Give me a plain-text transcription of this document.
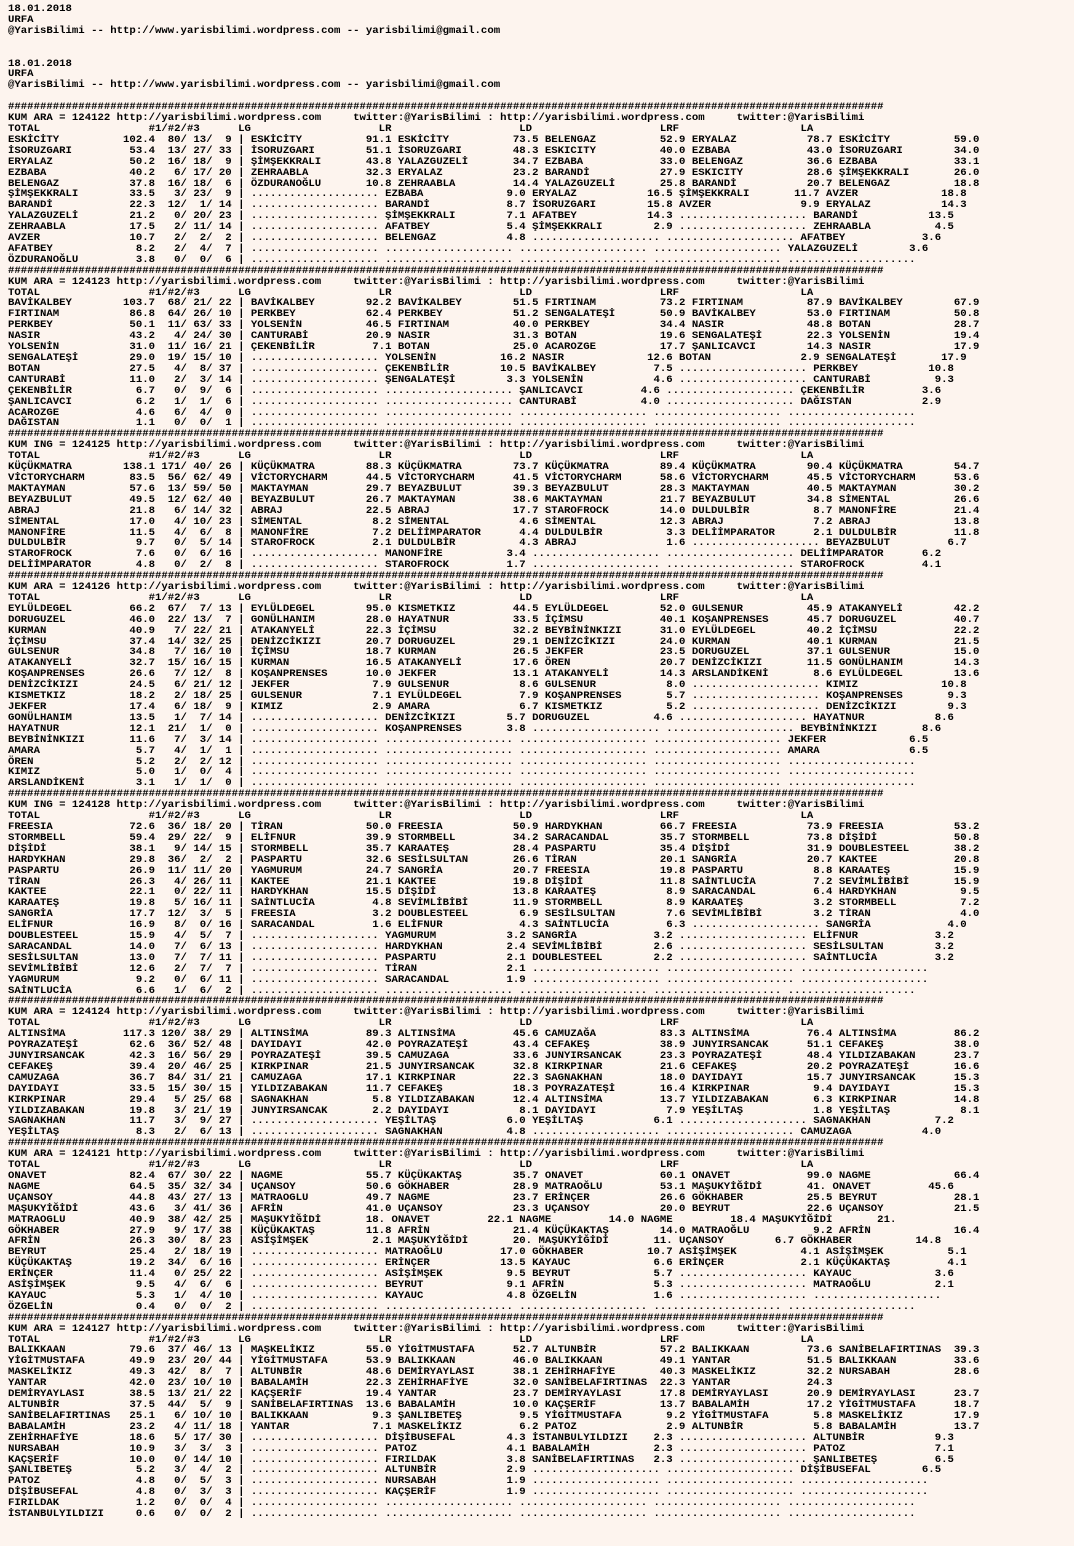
18.01.2018
URFA
@YarisBilimi -- http://www.yarisbilimi.wordpress.com -- yarisbilimi@gmail.com

18.01.2018
URFA
@YarisBilimi -- http://www.yarisbilimi.wordpress.com -- yarisbilimi@gmail.com

#########################################################################################################################################
KUM ARA = 124122 http://yarisbilimi.wordpress.com     twitter:@YarisBilimi : http://yarisbilimi.wordpress.com     twitter:@YarisBilimi
TOTAL                 #1/#2/#3      LG                    LR                    LD                    LRF                   LA
ESKİCİTY          102.4  80/ 13/  9 | ESKİCİTY          91.1 ESKİCİTY          73.5 BELENGAZ          52.9 ERYALAZ           78.7 ESKİCİTY          59.0
İSORUZGARI         53.4  13/ 27/ 33 | İSORUZGARI        51.1 İSORUZGARI        48.3 ESKICITY          40.0 EZBABA            43.0 İSORUZGARI        34.0
ERYALAZ            50.2  16/ 18/  9 | ŞİMŞEKKRALI       43.8 YALAZGUZELİ       34.7 EZBABA            33.0 BELENGAZ          36.6 EZBABA            33.1
EZBABA             40.2   6/ 17/ 20 | ZEHRAABLA         32.3 ERYALAZ           23.2 BARANDİ           27.9 ESKICITY          28.6 ŞİMŞEKKRALI       26.0
BELENGAZ           37.8  16/ 18/  6 | ÖZDURANOĞLU       10.8 ZEHRAABLA         14.4 YALAZGUZELİ       25.8 BARANDİ           20.7 BELENGAZ          18.8
ŞİMŞEKKRALI        33.5   3/ 23/  9 | .................... EZBABA             9.0 ERYALAZ           16.5 ŞİMŞEKKRALI       11.7 AVZER             18.8
BARANDİ            22.3  12/  1/ 14 | .................... BARANDİ            8.7 İSORUZGARI        15.8 AVZER              9.9 ERYALAZ           14.3
YALAZGUZELİ        21.2   0/ 20/ 23 | .................... ŞİMŞEKKRALI        7.1 AFATBEY           14.3 .................... BARANDİ           13.5
ZEHRAABLA          17.5   2/ 11/ 14 | .................... AFATBEY            5.4 ŞİMŞEKKRALI        2.9 .................... ZEHRAABLA          4.5
AVZER              10.7   2/  2/  2 | .................... BELENGAZ           4.8 .................... .................... AFATBEY            3.6
AFATBEY             8.2   2/  4/  7 | .................... .................... .................... .................... YALAZGUZELİ        3.6
ÖZDURANOĞLU         3.8   0/  0/  6 | .................... .................... .................... .................... ....................
#########################################################################################################################################
KUM ARA = 124123 http://yarisbilimi.wordpress.com     twitter:@YarisBilimi : http://yarisbilimi.wordpress.com     twitter:@YarisBilimi
TOTAL                 #1/#2/#3      LG                    LR                    LD                    LRF                   LA
BAVİKALBEY        103.7  68/ 21/ 22 | BAVİKALBEY        92.2 BAVİKALBEY        51.5 FIRTINAM          73.2 FIRTINAM          87.9 BAVİKALBEY        67.9
FIRTINAM           86.8  64/ 26/ 10 | PERKBEY           62.4 PERKBEY           51.2 SENGALATEŞİ       50.9 BAVİKALBEY        53.0 FIRTINAM          50.8
PERKBEY            50.1  11/ 63/ 33 | YOLSENİN          46.5 FIRTINAM          40.0 PERKBEY           34.4 NASIR             48.8 BOTAN             28.7
NASIR              43.2   4/ 24/ 30 | CANTURABİ         20.9 NASIR             31.3 BOTAN             19.6 SENGALATEŞİ       22.3 YOLSENİN          19.4
YOLSENİN           31.0  11/ 16/ 21 | ÇEKENBİLİR         7.1 BOTAN             25.0 ACAROZGE          17.7 ŞANLICAVCI        14.3 NASIR             17.9
SENGALATEŞİ        29.0  19/ 15/ 10 | .................... YOLSENİN          16.2 NASIR             12.6 BOTAN              2.9 SENGALATEŞİ       17.9
BOTAN              27.5   4/  8/ 37 | .................... ÇEKENBİLİR        10.5 BAVİKALBEY         7.5 .................... PERKBEY           10.8
CANTURABİ          11.0   2/  3/ 14 | .................... ŞENGALATEŞİ        3.3 YOLSENİN           4.6 .................... CANTURABİ          9.3
ÇEKENBİLİR          6.7   0/  9/  6 | .................... .................... ŞANLICAVCI         4.6 .................... ÇEKENBİLİR         3.6
ŞANLICAVCI          6.2   1/  1/  6 | .................... .................... CANTURABİ          4.0 .................... DAĞISTAN           2.9
ACAROZGE            4.6   6/  4/  0 | .................... .................... .................... .................... ....................
DAĞISTAN            1.1   0/  0/  1 | .................... .................... .................... .................... ....................
#########################################################################################################################################
KUM ING = 124125 http://yarisbilimi.wordpress.com     twitter:@YarisBilimi : http://yarisbilimi.wordpress.com     twitter:@YarisBilimi
TOTAL                 #1/#2/#3      LG                    LR                    LD                    LRF                   LA
KÜÇÜKMATRA        138.1 171/ 40/ 26 | KÜÇÜKMATRA        88.3 KÜÇÜKMATRA        73.7 KÜÇÜKMATRA        89.4 KÜÇÜKMATRA        90.4 KÜÇÜKMATRA        54.7
VİCTORYCHARM       83.5  56/ 62/ 49 | VİCTORYCHARM      44.5 VİCTORYCHARM      41.5 VİCTORYCHARM      58.6 VİCTORYCHARM      45.5 VİCTORYCHARM      53.6
MAKTAYMAN          57.6  13/ 59/ 50 | MAKTAYMAN         29.7 BEYAZBULUT        39.3 BEYAZBULUT        28.3 MAKTAYMAN         40.5 MAKTAYMAN         30.2
BEYAZBULUT         49.5  12/ 62/ 40 | BEYAZBULUT        26.7 MAKTAYMAN         38.6 MAKTAYMAN         21.7 BEYAZBULUT        34.8 SİMENTAL          26.6
ABRAJ              21.8   6/ 14/ 32 | ABRAJ             22.5 ABRAJ             17.7 STAROFROCK        14.0 DULDULBİR          8.7 MANONFİRE         21.4
SİMENTAL           17.0   4/ 10/ 23 | SİMENTAL           8.2 SİMENTAL           4.6 SİMENTAL          12.3 ABRAJ              7.2 ABRAJ             13.8
MANONFİRE          11.5   4/  6/  8 | MANONFİRE          7.2 DELİİMPARATOR      4.4 DULDULBİR          3.3 DELİİMPARATOR      2.1 DULDULBİR         11.8
DULDULBİR           9.7   0/  5/ 14 | STAROFROCK         2.1 DULDULBİR          4.3 ABRAJ              1.6 .................... BEYAZBULUT         6.7
STAROFROCK          7.6   0/  6/ 16 | .................... MANONFİRE          3.4 .................... .................... DELİİMPARATOR      6.2
DELİİMPARATOR       4.8   0/  2/  8 | .................... STAROFROCK         1.7 .................... .................... STAROFROCK         4.1
#########################################################################################################################################
KUM ARA = 124126 http://yarisbilimi.wordpress.com     twitter:@YarisBilimi : http://yarisbilimi.wordpress.com     twitter:@YarisBilimi
TOTAL                 #1/#2/#3      LG                    LR                    LD                    LRF                   LA
EYLÜLDEGEL         66.2  67/  7/ 13 | EYLÜLDEGEL        95.0 KISMETKIZ         44.5 EYLÜLDEGEL        52.0 GULSENUR          45.9 ATAKANYELİ        42.2
DORUGUZEL          46.0  22/ 13/  7 | GONÜLHANIM        28.0 HAYATNUR          33.5 İÇİMSU            40.1 KOŞANPRENSES      45.7 DORUGUZEL         40.7
KURMAN             40.9   7/ 22/ 21 | ATAKANYELİ        22.3 İÇİMSU            32.2 BEYBİNİNKIZI      31.0 EYLÜLDEGEL        40.2 İÇİMSU            22.2
İÇİMSU             37.4  14/ 32/ 25 | DENİZCİKIZI       20.7 DORUGUZEL         29.1 DENİZCİKIZI       24.0 KURMAN            40.1 KURMAN            21.5
GULSENUR           34.8   7/ 16/ 10 | İÇİMSU            18.7 KURMAN            26.5 JEKFER            23.5 DORUGUZEL         37.1 GULSENUR          15.0
ATAKANYELİ         32.7  15/ 16/ 15 | KURMAN            16.5 ATAKANYELİ        17.6 ÖREN              20.7 DENİZCİKIZI       11.5 GONÜLHANIM        14.3
KOŞANPRENSES       26.6   7/ 12/  8 | KOŞANPRENSES      10.0 JEKFER            13.1 ATAKANYELİ        14.3 ARSLANDİKENİ       8.6 EYLÜLDEGEL        13.6
DENİZCİKIZI        24.5   6/ 21/ 12 | JEKFER             7.9 GULSENUR           8.6 GULSENUR           8.0 .................... KIMIZ             10.8
KISMETKIZ          18.2   2/ 18/ 25 | GULSENUR           7.1 EYLÜLDEGEL         7.9 KOŞANPRENSES       5.7 .................... KOŞANPRENSES       9.3
JEKFER             17.4   6/ 18/  9 | KIMIZ              2.9 AMARA              6.7 KISMETKIZ          5.2 .................... DENİZCİKIZI        9.3
GONÜLHANIM         13.5   1/  7/ 14 | .................... DENİZCİKIZI        5.7 DORUGUZEL          4.6 .................... HAYATNUR           8.6
HAYATNUR           12.1  21/  1/  0 | .................... KOŞANPRENSES       3.8 .................... .................... BEYBİNİNKIZI       8.6
BEYBİNİNKIZI       11.6   7/  3/ 14 | .................... .................... .................... .................... JEKFER             6.5
AMARA               5.7   4/  1/  1 | .................... .................... .................... .................... AMARA              6.5
ÖREN                5.2   2/  2/ 12 | .................... .................... .................... .................... ....................
KIMIZ               5.0   1/  0/  4 | .................... .................... .................... .................... ....................
ARSLANDİKENİ        3.1   1/  1/  0 | .................... .................... .................... .................... ....................
#########################################################################################################################################
KUM ING = 124128 http://yarisbilimi.wordpress.com     twitter:@YarisBilimi : http://yarisbilimi.wordpress.com     twitter:@YarisBilimi
TOTAL                 #1/#2/#3      LG                    LR                    LD                    LRF                   LA
FREESIA            72.6  36/ 18/ 20 | TİRAN             50.0 FREESIA           50.9 HARDYKHAN         66.7 FREESIA           73.9 FREESIA           53.2
STORMBELL          59.4  29/ 22/  9 | ELİFNUR           39.9 STORMBELL         34.2 SARACANDAL        35.7 STORMBELL         73.8 DİŞİDİ            50.8
DİŞİDİ             38.1   9/ 14/ 15 | STORMBELL         35.7 KARAATEŞ          28.4 PASPARTU          35.4 DİŞİDİ            31.9 DOUBLESTEEL       38.2
HARDYKHAN          29.8  36/  2/  2 | PASPARTU          32.6 SESİLSULTAN       26.6 TİRAN             20.1 SANGRİA           20.7 KAKTEE            20.8
PASPARTU           26.9  11/ 11/ 20 | YAGMURUM          24.7 SANGRİA           20.7 FREESIA           19.8 PASPARTU           8.8 KARAATEŞ          15.9
TİRAN              26.3   4/ 26/ 11 | KAKTEE            21.1 KAKTEE            19.8 DİŞİDİ            11.8 SAİNTLUCİA         7.2 SEVİMLİBİBİ       15.9
KAKTEE             22.1   0/ 22/ 11 | HARDYKHAN         15.5 DİŞİDİ            13.8 KARAATEŞ           8.9 SARACANDAL         6.4 HARDYKHAN          9.5
KARAATEŞ           19.8   5/ 16/ 11 | SAİNTLUCİA         4.8 SEVİMLİBİBİ       11.9 STORMBELL          8.9 KARAATEŞ           3.2 STORMBELL          7.2
SANGRİA            17.7  12/  3/  5 | FREESIA            3.2 DOUBLESTEEL        6.9 SESİLSULTAN        7.6 SEVİMLİBİBİ        3.2 TİRAN              4.0
ELİFNUR            16.9   8/  0/ 16 | SARACANDAL         1.6 ELİFNUR            4.3 SAİNTLUCİA         6.3 .................... SANGRİA            4.0
DOUBLESTEEL        15.9   4/  5/  7 | .................... YAGMURUM           3.2 SANGRİA            3.2 .................... ELİFNUR            3.2
SARACANDAL         14.0   7/  6/ 13 | .................... HARDYKHAN          2.4 SEVİMLİBİBİ        2.6 .................... SESİLSULTAN        3.2
SESİLSULTAN        13.0   7/  7/ 11 | .................... PASPARTU           2.1 DOUBLESTEEL        2.2 .................... SAİNTLUCİA         3.2
SEVİMLİBİBİ        12.6   2/  7/  7 | .................... TİRAN              2.1 .................... .................... ....................
YAGMURUM            9.2   0/  6/ 11 | .................... SARACANDAL         1.9 .................... .................... ....................
SAİNTLUCİA          6.6   1/  6/  2 | .................... .................... .................... .................... ....................
#########################################################################################################################################
KUM ARA = 124124 http://yarisbilimi.wordpress.com     twitter:@YarisBilimi : http://yarisbilimi.wordpress.com     twitter:@YarisBilimi
TOTAL                 #1/#2/#3      LG                    LR                    LD                    LRF                   LA
ALTINSİMA         117.3 120/ 38/ 29 | ALTINSİMA         89.3 ALTINSİMA         45.6 CAMUZAĞA          83.3 ALTINSİMA         76.4 ALTINSİMA         86.2
POYRAZATEŞİ        62.6  36/ 52/ 48 | DAYIDAYI          42.0 POYRAZATEŞİ       43.4 CEFAKEŞ           38.9 JUNYIRSANCAK      51.1 CEFAKEŞ           38.0
JUNYIRSANCAK       42.3  16/ 56/ 29 | POYRAZATEŞİ       39.5 CAMUZAGA          33.6 JUNYIRSANCAK      23.3 POYRAZATEŞİ       48.4 YILDIZABAKAN      23.7
CEFAKEŞ            39.4  20/ 46/ 25 | KIRKPINAR         21.5 JUNYIRSANCAK      32.8 KIRKPINAR         21.6 CEFAKEŞ           20.2 POYRAZATEŞİ       16.6
CAMUZAGA           36.7  84/ 31/ 21 | CAMUZAGA          17.1 KIRKPINAR         22.3 SAGNAKHAN         18.0 DAYIDAYI          15.7 JUNYIRSANCAK      15.3
DAYIDAYI           33.5  15/ 30/ 15 | YILDIZABAKAN      11.7 CEFAKEŞ           18.3 POYRAZATEŞİ       16.4 KIRKPINAR          9.4 DAYIDAYI          15.3
KIRKPINAR          29.4   5/ 25/ 68 | SAGNAKHAN          5.8 YILDIZABAKAN      12.4 ALTINSİMA         13.7 YILDIZABAKAN       6.3 KIRKPINAR         14.8
YILDIZABAKAN       19.8   3/ 21/ 19 | JUNYIRSANCAK       2.2 DAYIDAYI           8.1 DAYIDAYI           7.9 YEŞİLTAŞ           1.8 YEŞİLTAŞ           8.1
SAGNAKHAN          11.7   3/  9/ 27 | .................... YEŞİLTAŞ           6.0 YEŞİLTAŞ           6.1 .................... SAGNAKHAN          7.2
YEŞİLTAŞ            8.3   2/  6/ 13 | .................... SAGNAKHAN          4.8 .................... .................... CAMUZAGA           4.0
#########################################################################################################################################
KUM ARA = 124121 http://yarisbilimi.wordpress.com     twitter:@YarisBilimi : http://yarisbilimi.wordpress.com     twitter:@YarisBilimi
TOTAL                 #1/#2/#3      LG                    LR                    LD                    LRF                   LA
ONAVET             82.4  67/ 30/ 22 | NAGME             55.7 KÜÇÜKAKTAŞ        35.7 ONAVET            60.1 ONAVET            99.0 NAGME             66.4
NAGME              64.5  35/ 32/ 34 | UÇANSOY           50.6 GÖKHABER          28.9 MATRAOĞLU         53.1 MAŞUKYİĞİDİ       41. ONAVET         45.6
UÇANSOY            44.8  43/ 27/ 13 | MATRAOGLU         49.7 NAGME             23.7 ERİNÇER           26.6 GÖKHABER          25.5 BEYRUT            28.1
MAŞUKYİĞİDİ        43.6   3/ 41/ 36 | AFRİN             41.0 UÇANSOY           23.3 UÇANSOY           20.0 BEYRUT            22.6 UÇANSOY           21.5
MATRAOGLU          40.9  38/ 42/ 25 | MAŞUKYİĞİDİ       18. ONAVET         22.1 NAGME         14.0 NAGME         18.4 MAŞUKYİĞİDİ       21.
GÖKHABER           27.9   9/ 17/ 38 | KÜÇÜKAKTAŞ        11.8 AFRİN             21.4 KÜÇÜKAKTAŞ        14.0 MATRAOĞLU          9.2 AFRİN             16.4
AFRİN              26.3  30/  8/ 23 | ASİŞİMŞEK          2.1 MAŞUKYİĞİDİ       20. MAŞUKYİĞİDİ       11. UÇANSOY        6.7 GÖKHABER          14.8
BEYRUT             25.4   2/ 18/ 19 | .................... MATRAOĞLU         17.0 GÖKHABER          10.7 ASİŞİMŞEK          4.1 ASİŞİMŞEK          5.1
KÜÇÜKAKTAŞ         19.2  34/  6/ 16 | .................... ERİNÇER           13.5 KAYAUC             6.6 ERİNÇER            2.1 KÜÇÜKAKTAŞ         4.1
ERİNÇER            11.4   0/ 25/ 22 | .................... ASİŞİMŞEK          9.5 BEYRUT             5.7 .................... KAYAUC             3.6
ASİŞİMŞEK           9.5   4/  6/  6 | .................... BEYRUT             9.1 AFRİN              5.3 .................... MATRAOĞLU          2.1
KAYAUC              5.3   1/  4/ 10 | .................... KAYAUC             4.8 ÖZGELİN            1.6 .................... ....................
ÖZGELİN             0.4   0/  0/  2 | .................... .................... .................... .................... ....................
#########################################################################################################################################
KUM ARA = 124127 http://yarisbilimi.wordpress.com     twitter:@YarisBilimi : http://yarisbilimi.wordpress.com     twitter:@YarisBilimi
TOTAL                 #1/#2/#3      LG                    LR                    LD                    LRF                   LA
BALIKKAAN          79.6  37/ 46/ 13 | MAŞKELİKIZ        55.0 YİGİTMUSTAFA      52.7 ALTUNBİR          57.2 BALIKKAAN         73.6 SANİBELAFIRTINAS  39.3
YİGİTMUSTAFA       49.9  23/ 20/ 44 | YİGİTMUSTAFA      53.9 BALIKKAAN         46.0 BALIKKAAN         49.1 YANTAR            51.5 BALIKKAAN         33.6
MASKELİKIZ         49.3  42/  8/  7 | ALTUNBİR          48.6 DEMİRYAYLASI      38.1 ZEHİRHAFİYE       40.3 MASKELİKIZ        32.2 NURSABAH          28.6
YANTAR             42.0  23/ 10/ 10 | BABALAMİH         22.3 ZEHİRHAFİYE       32.0 SANİBELAFIRTINAS  22.3 YANTAR            24.3
DEMİRYAYLASI       38.5  13/ 21/ 22 | KAÇŞERİF          19.4 YANTAR            23.7 DEMİRYAYLASI      17.8 DEMİRYAYLASI      20.9 DEMİRYAYLASI      23.7
ALTUNBİR           37.5  44/  5/  9 | SANİBELAFIRTINAS  13.6 BABALAMİH         10.0 KAÇŞERİF          13.7 BABALAMİH         17.2 YİGİTMUSTAFA      18.7
SANİBELAFIRTINAS   25.1   6/ 10/ 10 | BALIKKAAN          9.3 ŞANLIBETEŞ         9.5 YİGİTMUSTAFA       9.2 YİGİTMUSTAFA       5.8 MASKELİKIZ        17.9
BABALAMİH          23.2   4/ 11/ 18 | YANTAR             7.1 MASKELİKIZ         6.2 PATOZ              2.9 ALTUNBİR           5.8 BABALAMİH         13.7
ZEHİRHAFİYE        18.6   5/ 17/ 30 | .................... DİŞİBUSEFAL        4.3 İSTANBULYILDIZI    2.3 .................... ALTUNBİR           9.3
NURSABAH           10.9   3/  3/  3 | .................... PATOZ              4.1 BABALAMİH          2.3 .................... PATOZ              7.1
KAÇŞERİF           10.0   0/ 14/ 10 | .................... FIRILDAK           3.8 SANİBELAFIRTINAS   2.3 .................... ŞANLIBETEŞ         6.5
ŞANLIBETEŞ          5.2   3/  4/  2 | .................... ALTUNBİR           2.9 .................... .................... DİŞİBUSEFAL        6.5
PATOZ               4.8   0/  5/  3 | .................... NURSABAH           1.9 .................... .................... ....................
DİŞİBUSEFAL         4.8   0/  3/  3 | .................... KAÇŞERİF           1.9 .................... .................... ....................
FIRILDAK            1.2   0/  0/  4 | .................... .................... .................... .................... ....................
İSTANBULYILDIZI     0.6   0/  0/  2 | .................... .................... .................... .................... ....................
